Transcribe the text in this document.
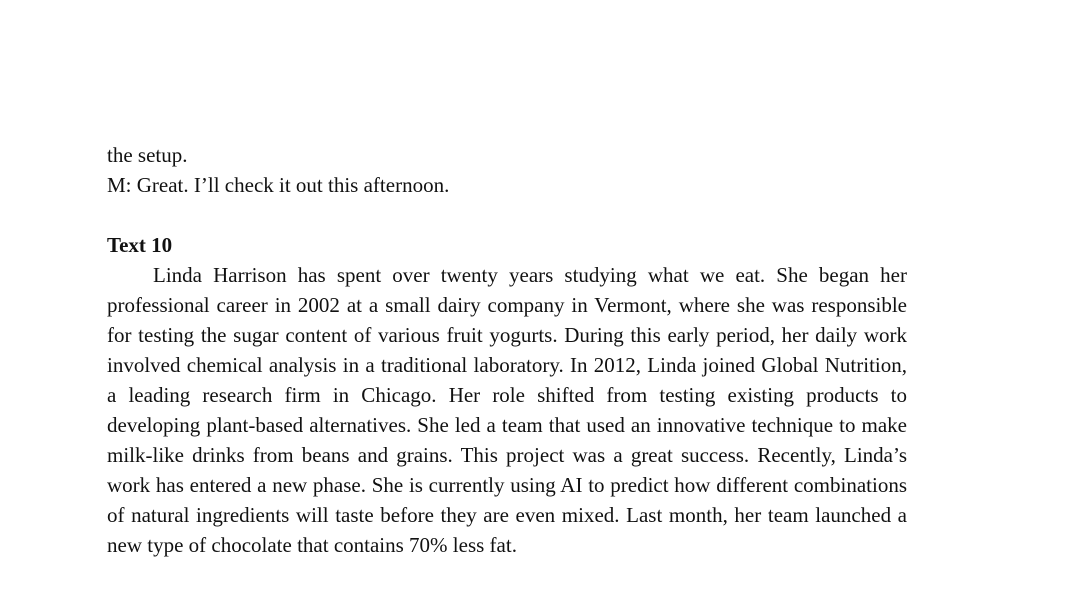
the setup.

M: Great. I’ll check it out this afternoon.

Text 10

Linda Harrison has spent over twenty years studying what we eat. She began her professional career in 2002 at a small dairy company in Vermont, where she was responsible for testing the sugar content of various fruit yogurts. During this early period, her daily work involved chemical analysis in a traditional laboratory. In 2012, Linda joined Global Nutrition, a leading research firm in Chicago. Her role shifted from testing existing products to developing plant-based alternatives. She led a team that used an innovative technique to make milk-like drinks from beans and grains. This project was a great success. Recently, Linda’s work has entered a new phase. She is currently using AI to predict how different combinations of natural ingredients will taste before they are even mixed. Last month, her team launched a new type of chocolate that contains 70% less fat.
